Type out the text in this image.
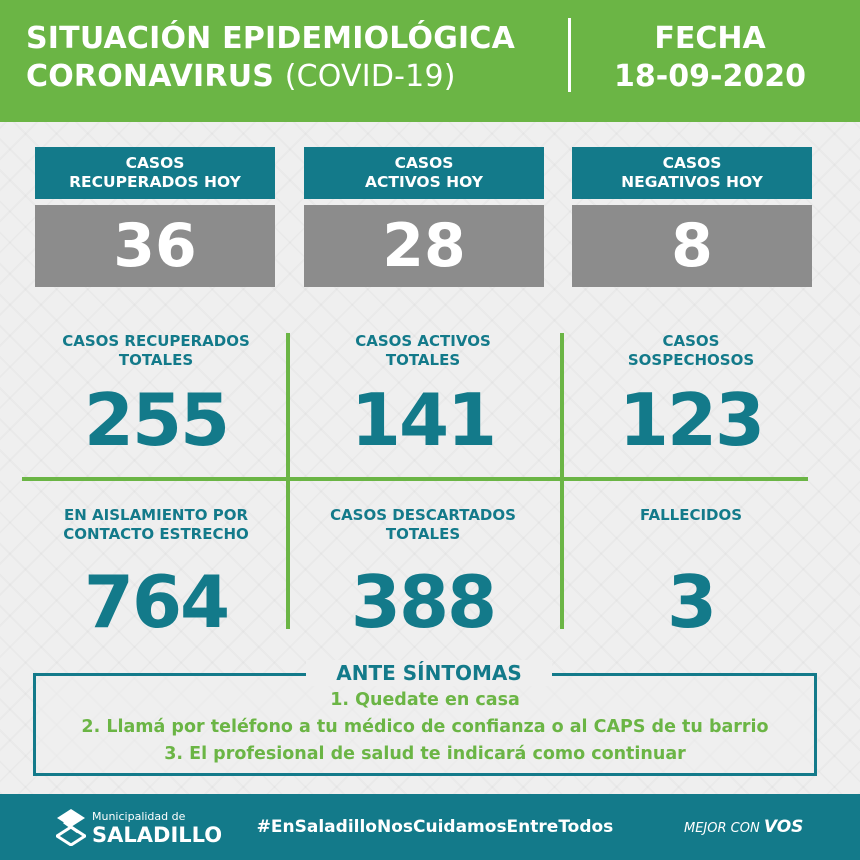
SITUACIÓN EPIDEMIOLÓGICA
CORONAVIRUS (COVID-19)
FECHA
18-09-2020
CASOS
RECUPERADOS HOY
36
CASOS
ACTIVOS HOY
28
CASOS
NEGATIVOS HOY
8
CASOS RECUPERADOS
TOTALES
255
CASOS ACTIVOS
TOTALES
141
CASOS
SOSPECHOSOS
123
EN AISLAMIENTO POR
CONTACTO ESTRECHO
764
CASOS DESCARTADOS
TOTALES
388
FALLECIDOS
3
ANTE SÍNTOMAS
1. Quedate en casa
2. Llamá por teléfono a tu médico de confianza o al CAPS de tu barrio
3. El profesional de salud te indicará como continuar
Municipalidad de
SALADILLO	#EnSaladilloNosCuidamosEntreTodos	MEJOR CON VOS
